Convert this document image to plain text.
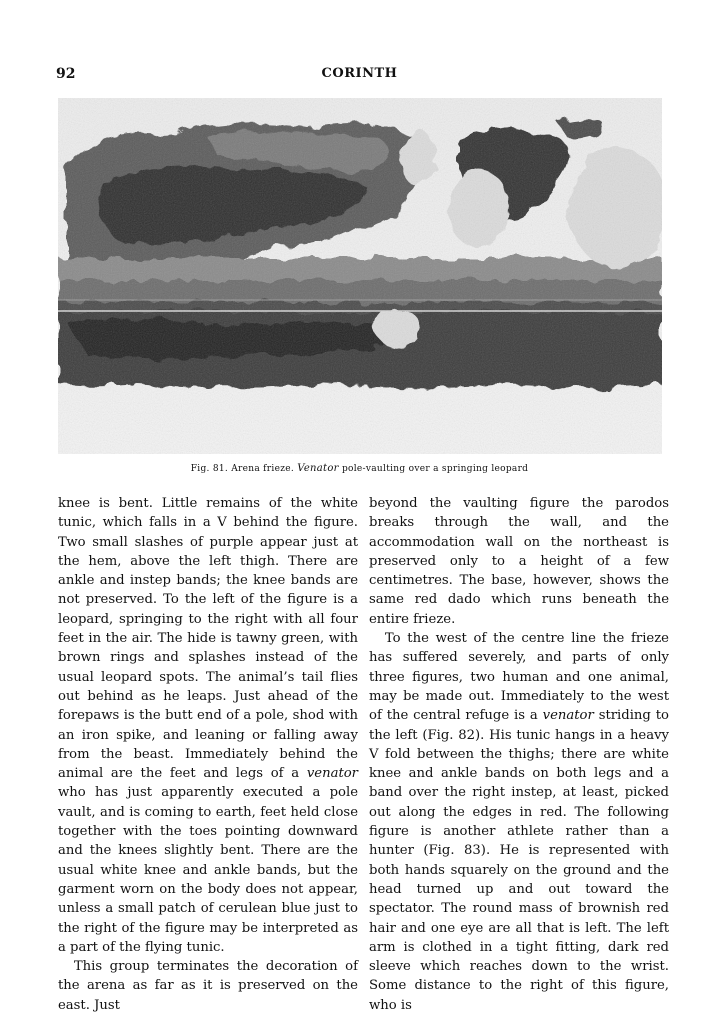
92	CORINTH
Fig. 81. Arena frieze. Venator pole-vaulting over a springing leopard

knee is bent. Little remains of the white tunic, which falls in a V behind the figure. Two small slashes of purple appear just at the hem, above the left thigh. There are ankle and instep bands; the knee bands are not preserved. To the left of the figure is a leopard, springing to the right with all four feet in the air. The hide is tawny green, with brown rings and splashes instead of the usual leopard spots. The animal’s tail flies out behind as he leaps. Just ahead of the forepaws is the butt end of a pole, shod with an iron spike, and leaning or falling away from the beast. Immediately behind the animal are the feet and legs of a venator who has just apparently executed a pole vault, and is coming to earth, feet held close together with the toes pointing downward and the knees slightly bent. There are the usual white knee and ankle bands, but the garment worn on the body does not appear, unless a small patch of cerulean blue just to the right of the figure may be interpreted as a part of the flying tunic.

This group terminates the decoration of the arena as far as it is preserved on the east. Just

beyond the vaulting figure the parodos breaks through the wall, and the accommodation wall on the northeast is preserved only to a height of a few centimetres. The base, however, shows the same red dado which runs beneath the entire frieze.

To the west of the centre line the frieze has suffered severely, and parts of only three figures, two human and one animal, may be made out. Immediately to the west of the central refuge is a venator striding to the left (Fig. 82). His tunic hangs in a heavy V fold between the thighs; there are white knee and ankle bands on both legs and a band over the right instep, at least, picked out along the edges in red. The following figure is another athlete rather than a hunter (Fig. 83). He is represented with both hands squarely on the ground and the head turned up and out toward the spectator. The round mass of brownish red hair and one eye are all that is left. The left arm is clothed in a tight fitting, dark red sleeve which reaches down to the wrist. Some distance to the right of this figure, who is
